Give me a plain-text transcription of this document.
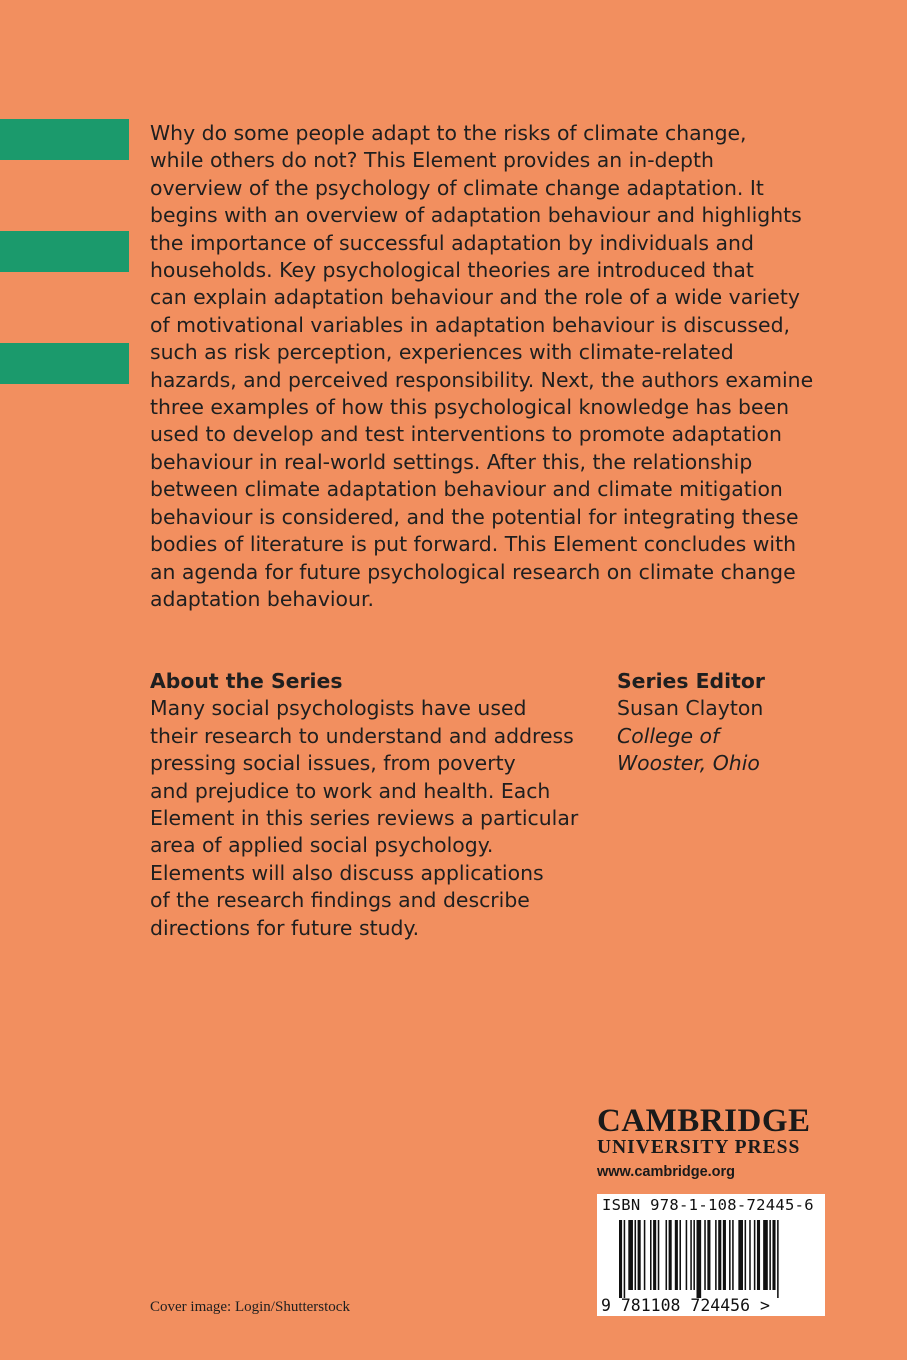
Why do some people adapt to the risks of climate change,
while others do not? This Element provides an in-depth
overview of the psychology of climate change adaptation. It
begins with an overview of adaptation behaviour and highlights
the importance of successful adaptation by individuals and
households. Key psychological theories are introduced that
can explain adaptation behaviour and the role of a wide variety
of motivational variables in adaptation behaviour is discussed,
such as risk perception, experiences with climate-related
hazards, and perceived responsibility. Next, the authors examine
three examples of how this psychological knowledge has been
used to develop and test interventions to promote adaptation
behaviour in real-world settings. After this, the relationship
between climate adaptation behaviour and climate mitigation
behaviour is considered, and the potential for integrating these
bodies of literature is put forward. This Element concludes with
an agenda for future psychological research on climate change
adaptation behaviour.

About the Series
Many social psychologists have used
their research to understand and address
pressing social issues, from poverty
and prejudice to work and health. Each
Element in this series reviews a particular
area of applied social psychology.
Elements will also discuss applications
of the research findings and describe
directions for future study.
Series Editor
Susan Clayton
College of
Wooster, Ohio
CAMBRIDGE
UNIVERSITY PRESS
www.cambridge.org
ISBN 978-1-108-72445-6
9 781108 724456 >
Cover image: Login/Shutterstock
